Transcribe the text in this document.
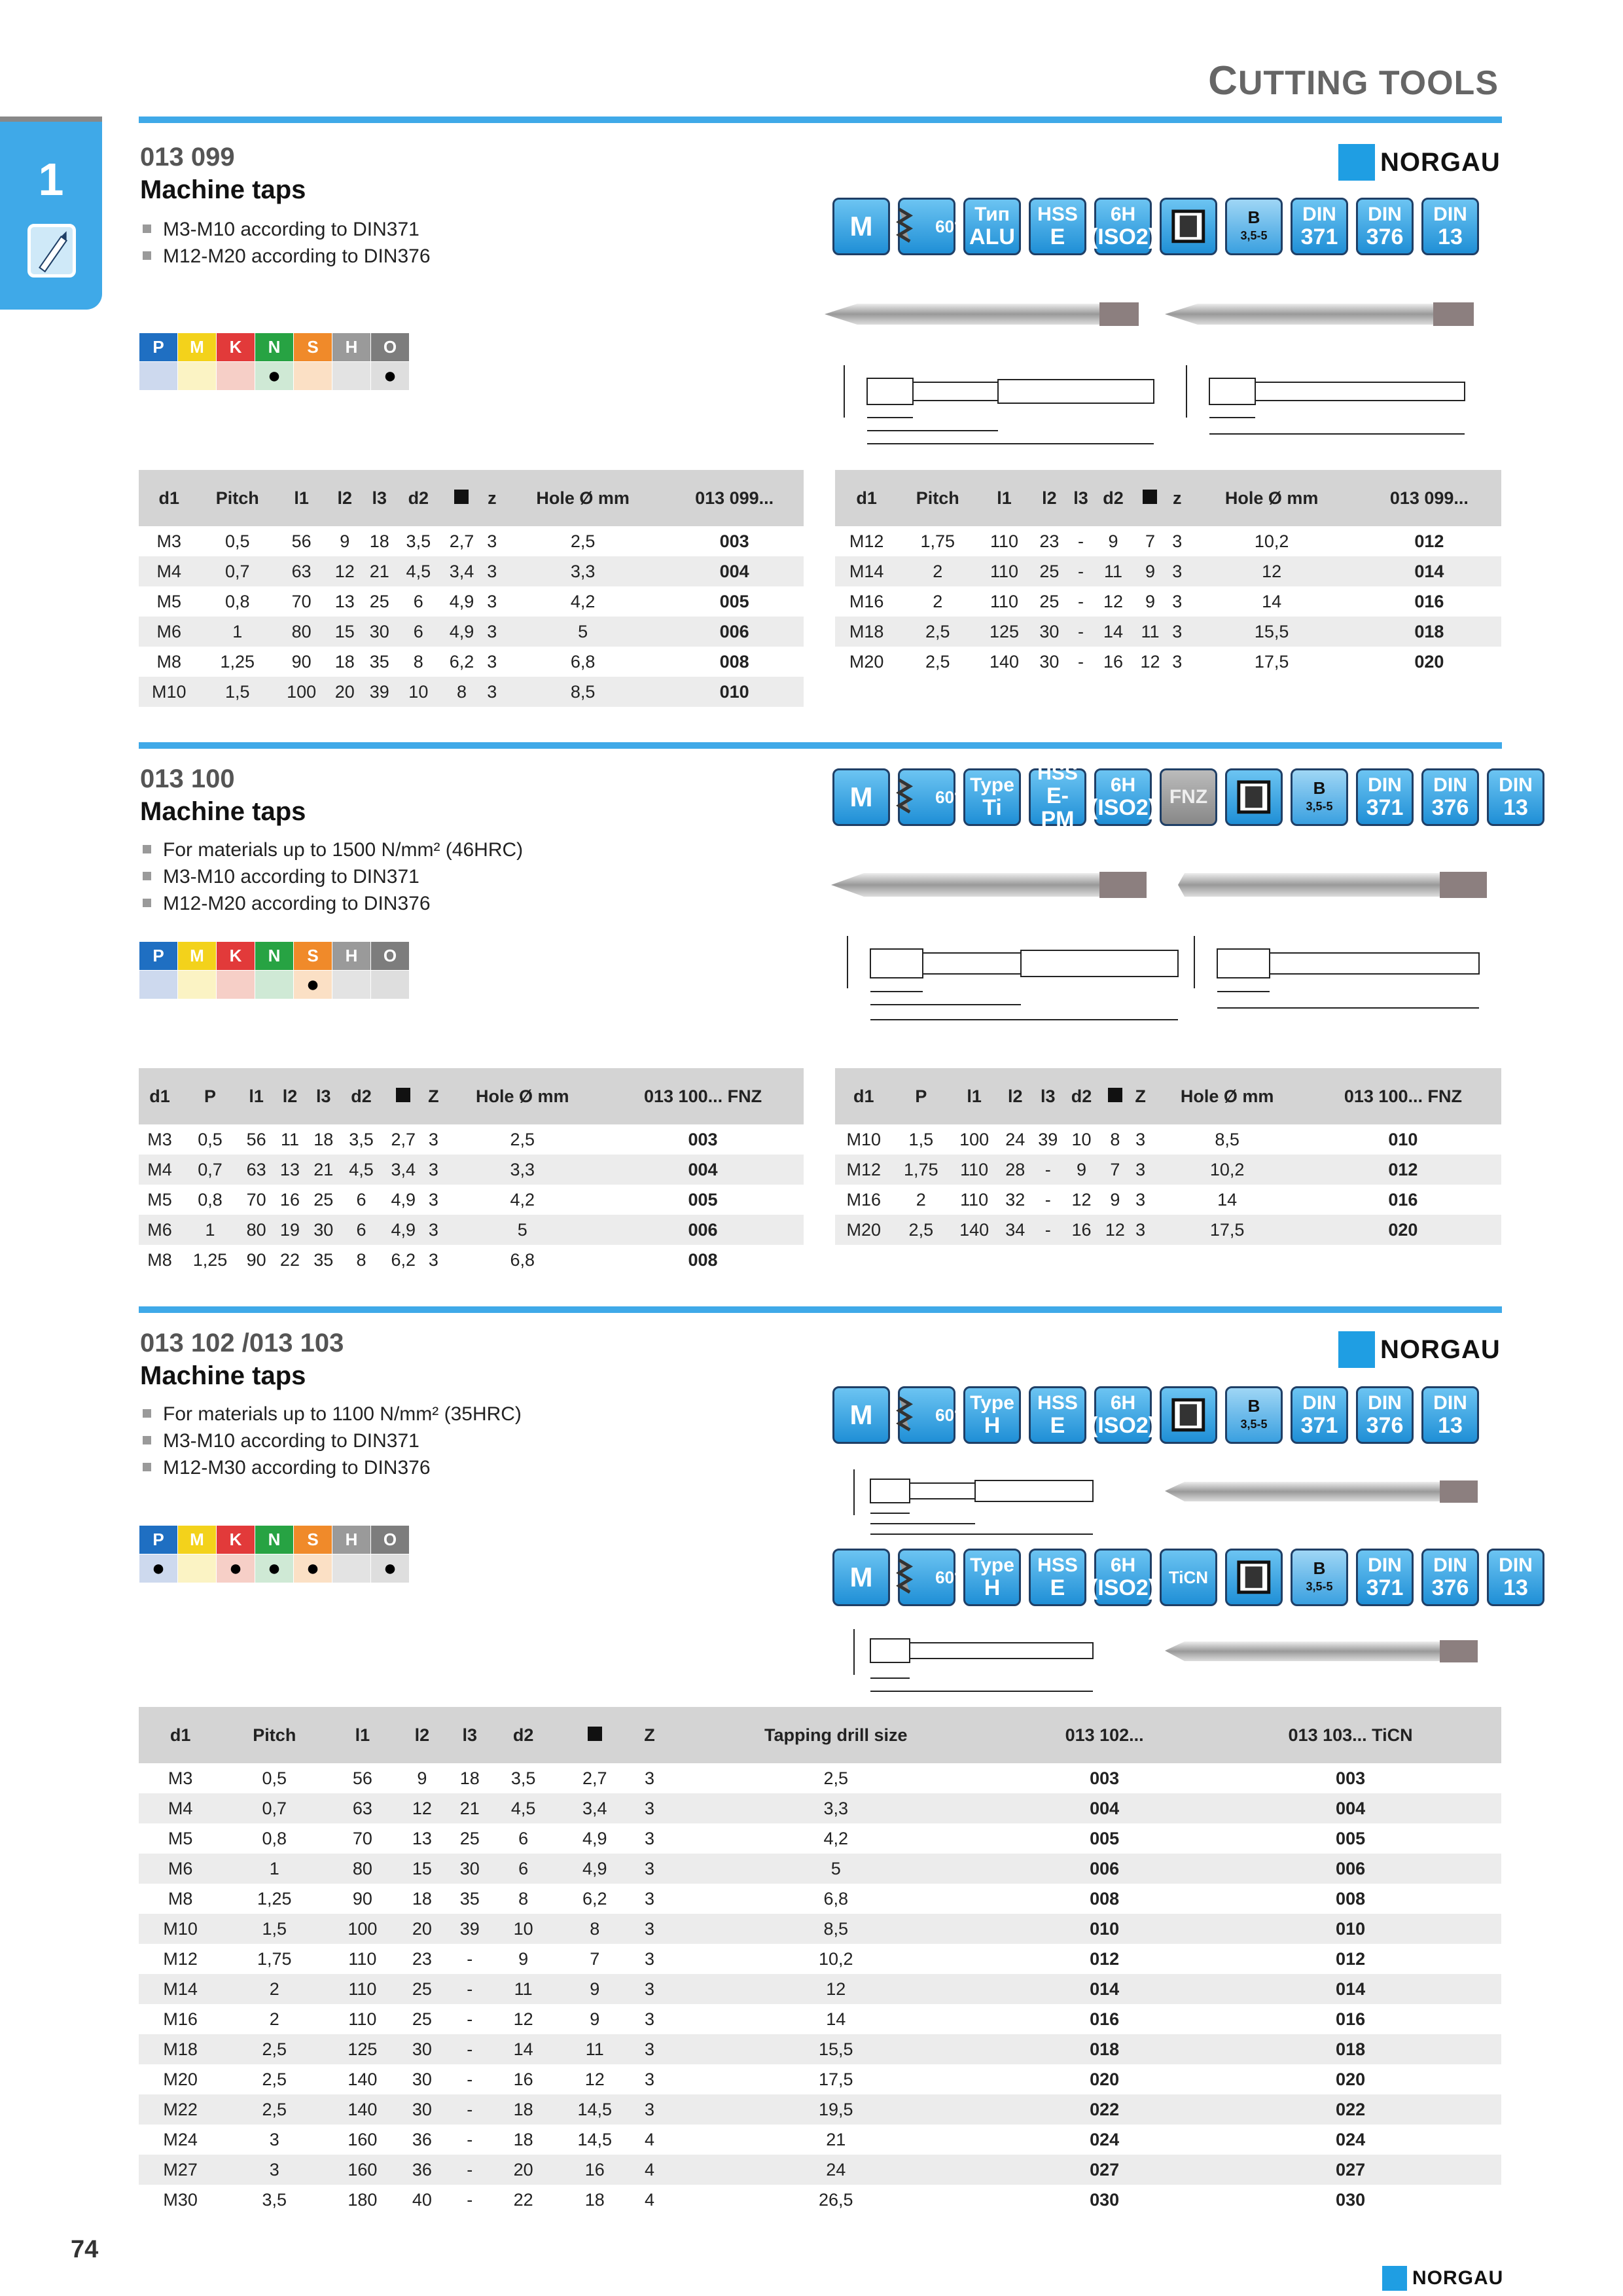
CUTTING TOOLS
1	013 099
Machine taps
M3-M10 according to DIN371
M12-M20 according to DIN376
NORGAU
M	60°
Тип
ALU
HSS
E
6H
(ISO2)
B
3,5-5
DIN
371
DIN
376
DIN
13
P	M	K	N	S	H	O
			●			●
d1	Pitch	l1	l2	l3	d2		z	Hole Ø mm	013 099...
M3	0,5	56	9	18	3,5	2,7	3	2,5	003
M4	0,7	63	12	21	4,5	3,4	3	3,3	004
M5	0,8	70	13	25	6	4,9	3	4,2	005
M6	1	80	15	30	6	4,9	3	5	006
M8	1,25	90	18	35	8	6,2	3	6,8	008
M10	1,5	100	20	39	10	8	3	8,5	010
d1	Pitch	l1	l2	l3	d2		z	Hole Ø mm	013 099...
M12	1,75	110	23	-	9	7	3	10,2	012
M14	2	110	25	-	11	9	3	12	014
M16	2	110	25	-	12	9	3	14	016
M18	2,5	125	30	-	14	11	3	15,5	018
M20	2,5	140	30	-	16	12	3	17,5	020
013 100
Machine taps
For materials up to 1500 N/mm² (46HRC)
M3-M10 according to DIN371
M12-M20 according to DIN376
M	60°
Type
Ti
HSS
E-PM
6H
(ISO2) FNZ	B
3,5-5
DIN
371
DIN
376
DIN
13
P	M	K	N	S	H	O
				●		
d1	P	l1	l2	l3	d2		Z	Hole Ø mm	013 100... FNZ
M3	0,5	56	11	18	3,5	2,7	3	2,5	003
M4	0,7	63	13	21	4,5	3,4	3	3,3	004
M5	0,8	70	16	25	6	4,9	3	4,2	005
M6	1	80	19	30	6	4,9	3	5	006
M8	1,25	90	22	35	8	6,2	3	6,8	008
d1	P	l1	l2	l3	d2		Z	Hole Ø mm	013 100... FNZ
M10	1,5	100	24	39	10	8	3	8,5	010
M12	1,75	110	28	-	9	7	3	10,2	012
M16	2	110	32	-	12	9	3	14	016
M20	2,5	140	34	-	16	12	3	17,5	020
013 102 /013 103
Machine taps
For materials up to 1100 N/mm² (35HRC)
M3-M10 according to DIN371
M12-M30 according to DIN376
NORGAU
M	60°
Type
H
HSS
E
6H
(ISO2)
B
3,5-5
DIN
371
DIN
376
DIN
13
M	60°
Type
H
HSS
E
6H
(ISO2) TiCN	B
3,5-5
DIN
371
DIN
376
DIN
13
P	M	K	N	S	H	O
●		●	●	●		●
d1	Pitch	l1	l2	l3	d2		Z	Tapping drill size	013 102...	013 103... TiCN
M3	0,5	56	9	18	3,5	2,7	3	2,5	003	003
M4	0,7	63	12	21	4,5	3,4	3	3,3	004	004
M5	0,8	70	13	25	6	4,9	3	4,2	005	005
M6	1	80	15	30	6	4,9	3	5	006	006
M8	1,25	90	18	35	8	6,2	3	6,8	008	008
M10	1,5	100	20	39	10	8	3	8,5	010	010
M12	1,75	110	23	-	9	7	3	10,2	012	012
M14	2	110	25	-	11	9	3	12	014	014
M16	2	110	25	-	12	9	3	14	016	016
M18	2,5	125	30	-	14	11	3	15,5	018	018
M20	2,5	140	30	-	16	12	3	17,5	020	020
M22	2,5	140	30	-	18	14,5	3	19,5	022	022
M24	3	160	36	-	18	14,5	4	21	024	024
M27	3	160	36	-	20	16	4	24	027	027
M30	3,5	180	40	-	22	18	4	26,5	030	030
74
NORGAU
